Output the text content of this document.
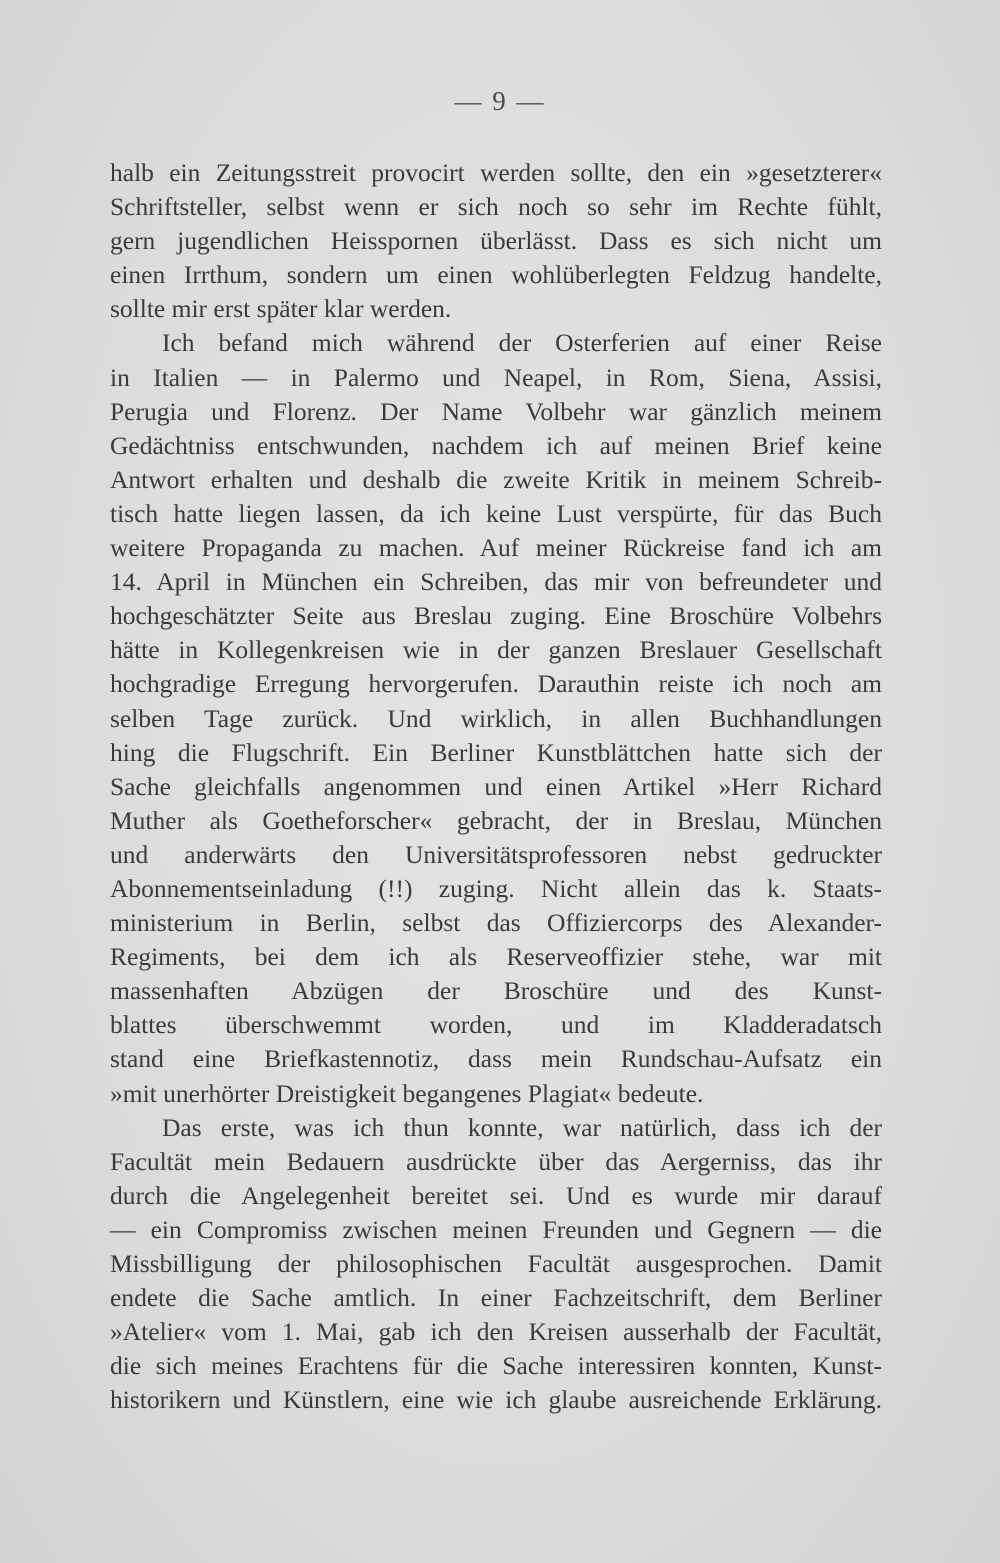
— 9 —
halb ein Zeitungsstreit provocirt werden sollte, den ein »gesetzterer«
Schriftsteller, selbst wenn er sich noch so sehr im Rechte fühlt,
gern jugendlichen Heisspornen überlässt. Dass es sich nicht um
einen Irrthum, sondern um einen wohlüberlegten Feldzug handelte,
sollte mir erst später klar werden.
Ich befand mich während der Osterferien auf einer Reise
in Italien — in Palermo und Neapel, in Rom, Siena, Assisi,
Perugia und Florenz. Der Name Volbehr war gänzlich meinem
Gedächtniss entschwunden, nachdem ich auf meinen Brief keine
Antwort erhalten und deshalb die zweite Kritik in meinem Schreib-
tisch hatte liegen lassen, da ich keine Lust verspürte, für das Buch
weitere Propaganda zu machen. Auf meiner Rückreise fand ich am
14. April in München ein Schreiben, das mir von befreundeter und
hochgeschätzter Seite aus Breslau zuging. Eine Broschüre Volbehrs
hätte in Kollegenkreisen wie in der ganzen Breslauer Gesellschaft
hochgradige Erregung hervorgerufen. Darauthin reiste ich noch am
selben Tage zurück. Und wirklich, in allen Buchhandlungen
hing die Flugschrift. Ein Berliner Kunstblättchen hatte sich der
Sache gleichfalls angenommen und einen Artikel »Herr Richard
Muther als Goetheforscher« gebracht, der in Breslau, München
und anderwärts den Universitätsprofessoren nebst gedruckter
Abonnementseinladung (!!) zuging. Nicht allein das k. Staats-
ministerium in Berlin, selbst das Offiziercorps des Alexander-
Regiments, bei dem ich als Reserveoffizier stehe, war mit
massenhaften Abzügen der Broschüre und des Kunst-
blattes überschwemmt worden, und im Kladderadatsch
stand eine Briefkastennotiz, dass mein Rundschau-Aufsatz ein
»mit unerhörter Dreistigkeit begangenes Plagiat« bedeute.
Das erste, was ich thun konnte, war natürlich, dass ich der
Facultät mein Bedauern ausdrückte über das Aergerniss, das ihr
durch die Angelegenheit bereitet sei. Und es wurde mir darauf
— ein Compromiss zwischen meinen Freunden und Gegnern — die
Missbilligung der philosophischen Facultät ausgesprochen. Damit
endete die Sache amtlich. In einer Fachzeitschrift, dem Berliner
»Atelier« vom 1. Mai, gab ich den Kreisen ausserhalb der Facultät,
die sich meines Erachtens für die Sache interessiren konnten, Kunst-
historikern und Künstlern, eine wie ich glaube ausreichende Erklärung.
